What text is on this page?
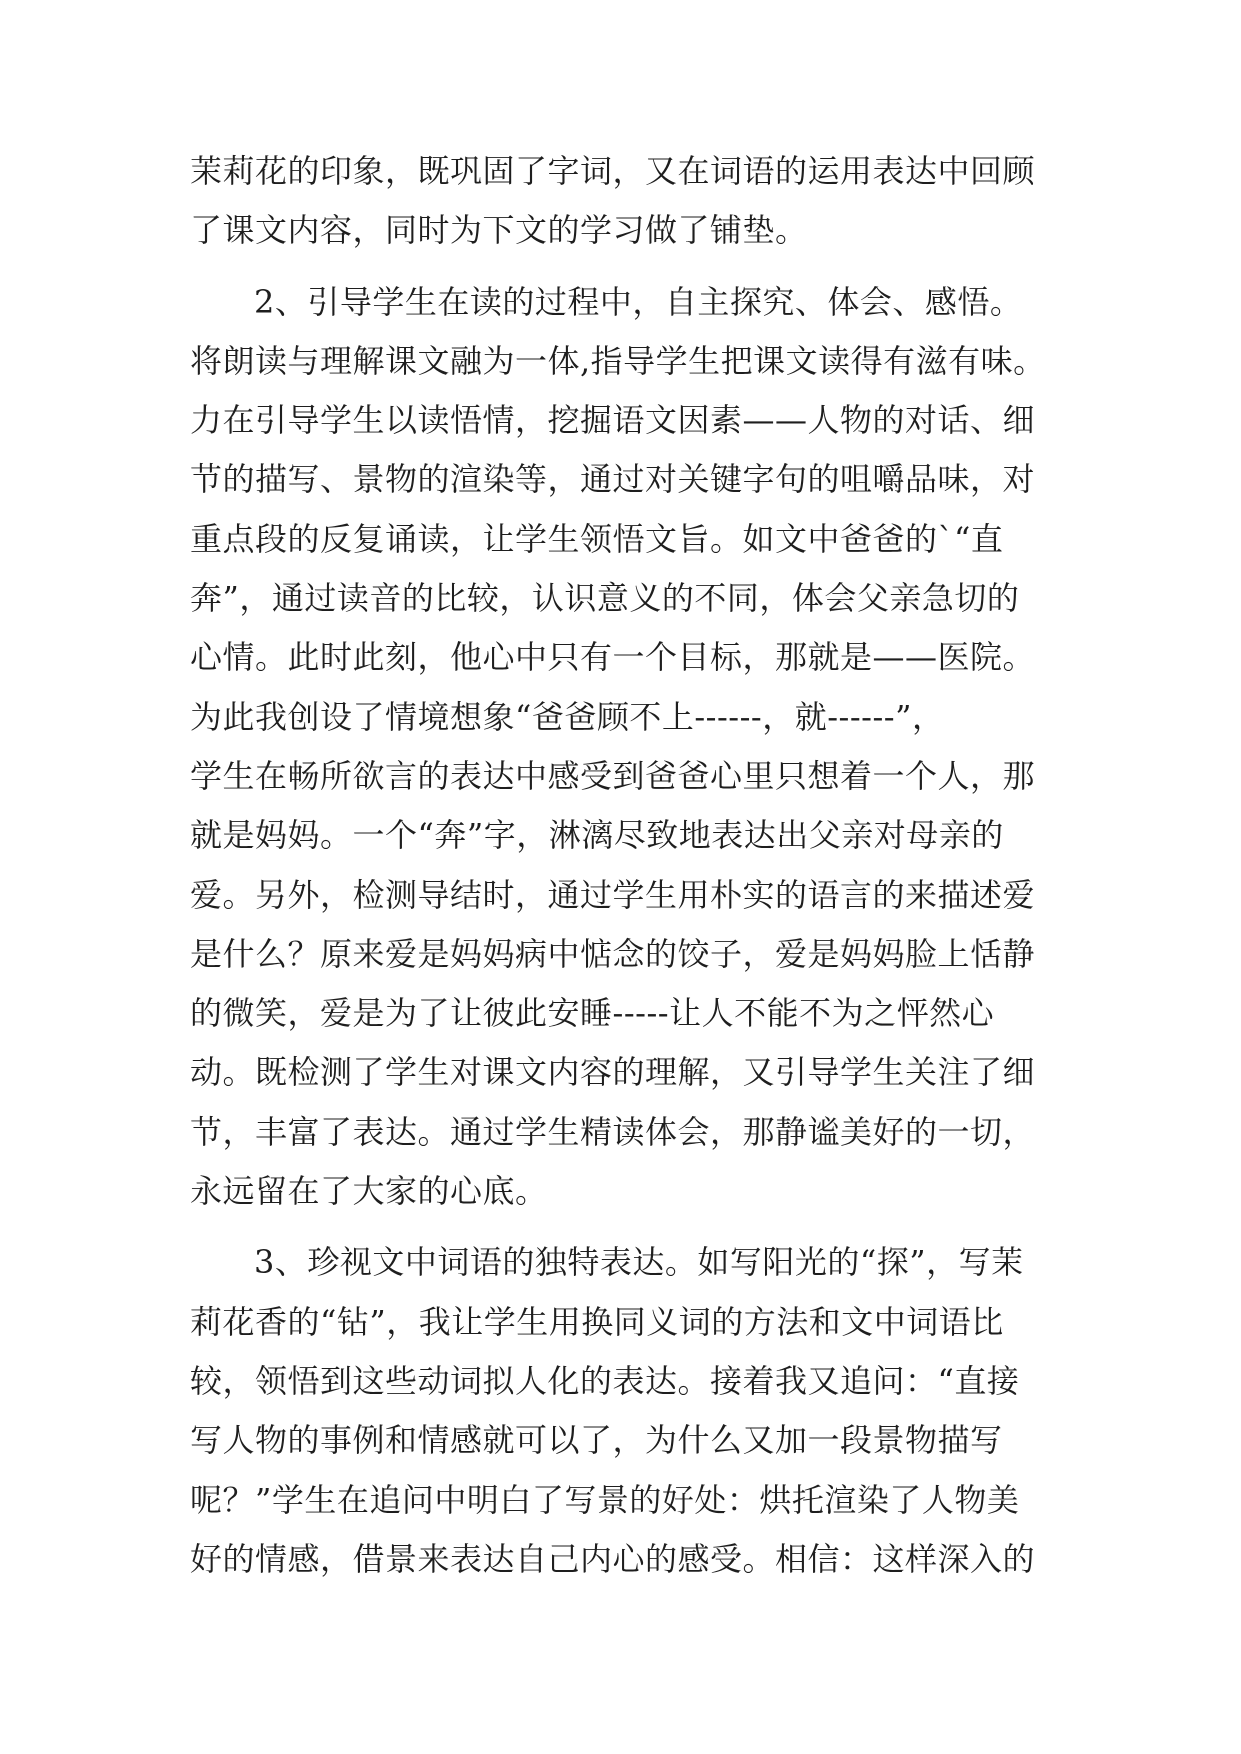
茉莉花的印象，既巩固了字词，又在词语的运用表达中回顾
了课文内容，同时为下文的学习做了铺垫。
2、引导学生在读的过程中，自主探究、体会、感悟。
将朗读与理解课文融为一体,指导学生把课文读得有滋有味。
力在引导学生以读悟情，挖掘语文因素——人物的对话、细
节的描写、景物的渲染等，通过对关键字句的咀嚼品味，对
重点段的反复诵读，让学生领悟文旨。如文中爸爸的`“直
奔”，通过读音的比较，认识意义的不同，体会父亲急切的
心情。此时此刻，他心中只有一个目标，那就是——医院。
为此我创设了情境想象“爸爸顾不上------，就------”，
学生在畅所欲言的表达中感受到爸爸心里只想着一个人，那
就是妈妈。一个“奔”字，淋漓尽致地表达出父亲对母亲的
爱。另外，检测导结时，通过学生用朴实的语言的来描述爱
是什么？原来爱是妈妈病中惦念的饺子，爱是妈妈脸上恬静
的微笑，爱是为了让彼此安睡-----让人不能不为之怦然心
动。既检测了学生对课文内容的理解，又引导学生关注了细
节，丰富了表达。通过学生精读体会，那静谧美好的一切，
永远留在了大家的心底。
3、珍视文中词语的独特表达。如写阳光的“探”，写茉
莉花香的“钻”，我让学生用换同义词的方法和文中词语比
较，领悟到这些动词拟人化的表达。接着我又追问：“直接
写人物的事例和情感就可以了，为什么又加一段景物描写
呢？”学生在追问中明白了写景的好处：烘托渲染了人物美
好的情感，借景来表达自己内心的感受。相信：这样深入的
